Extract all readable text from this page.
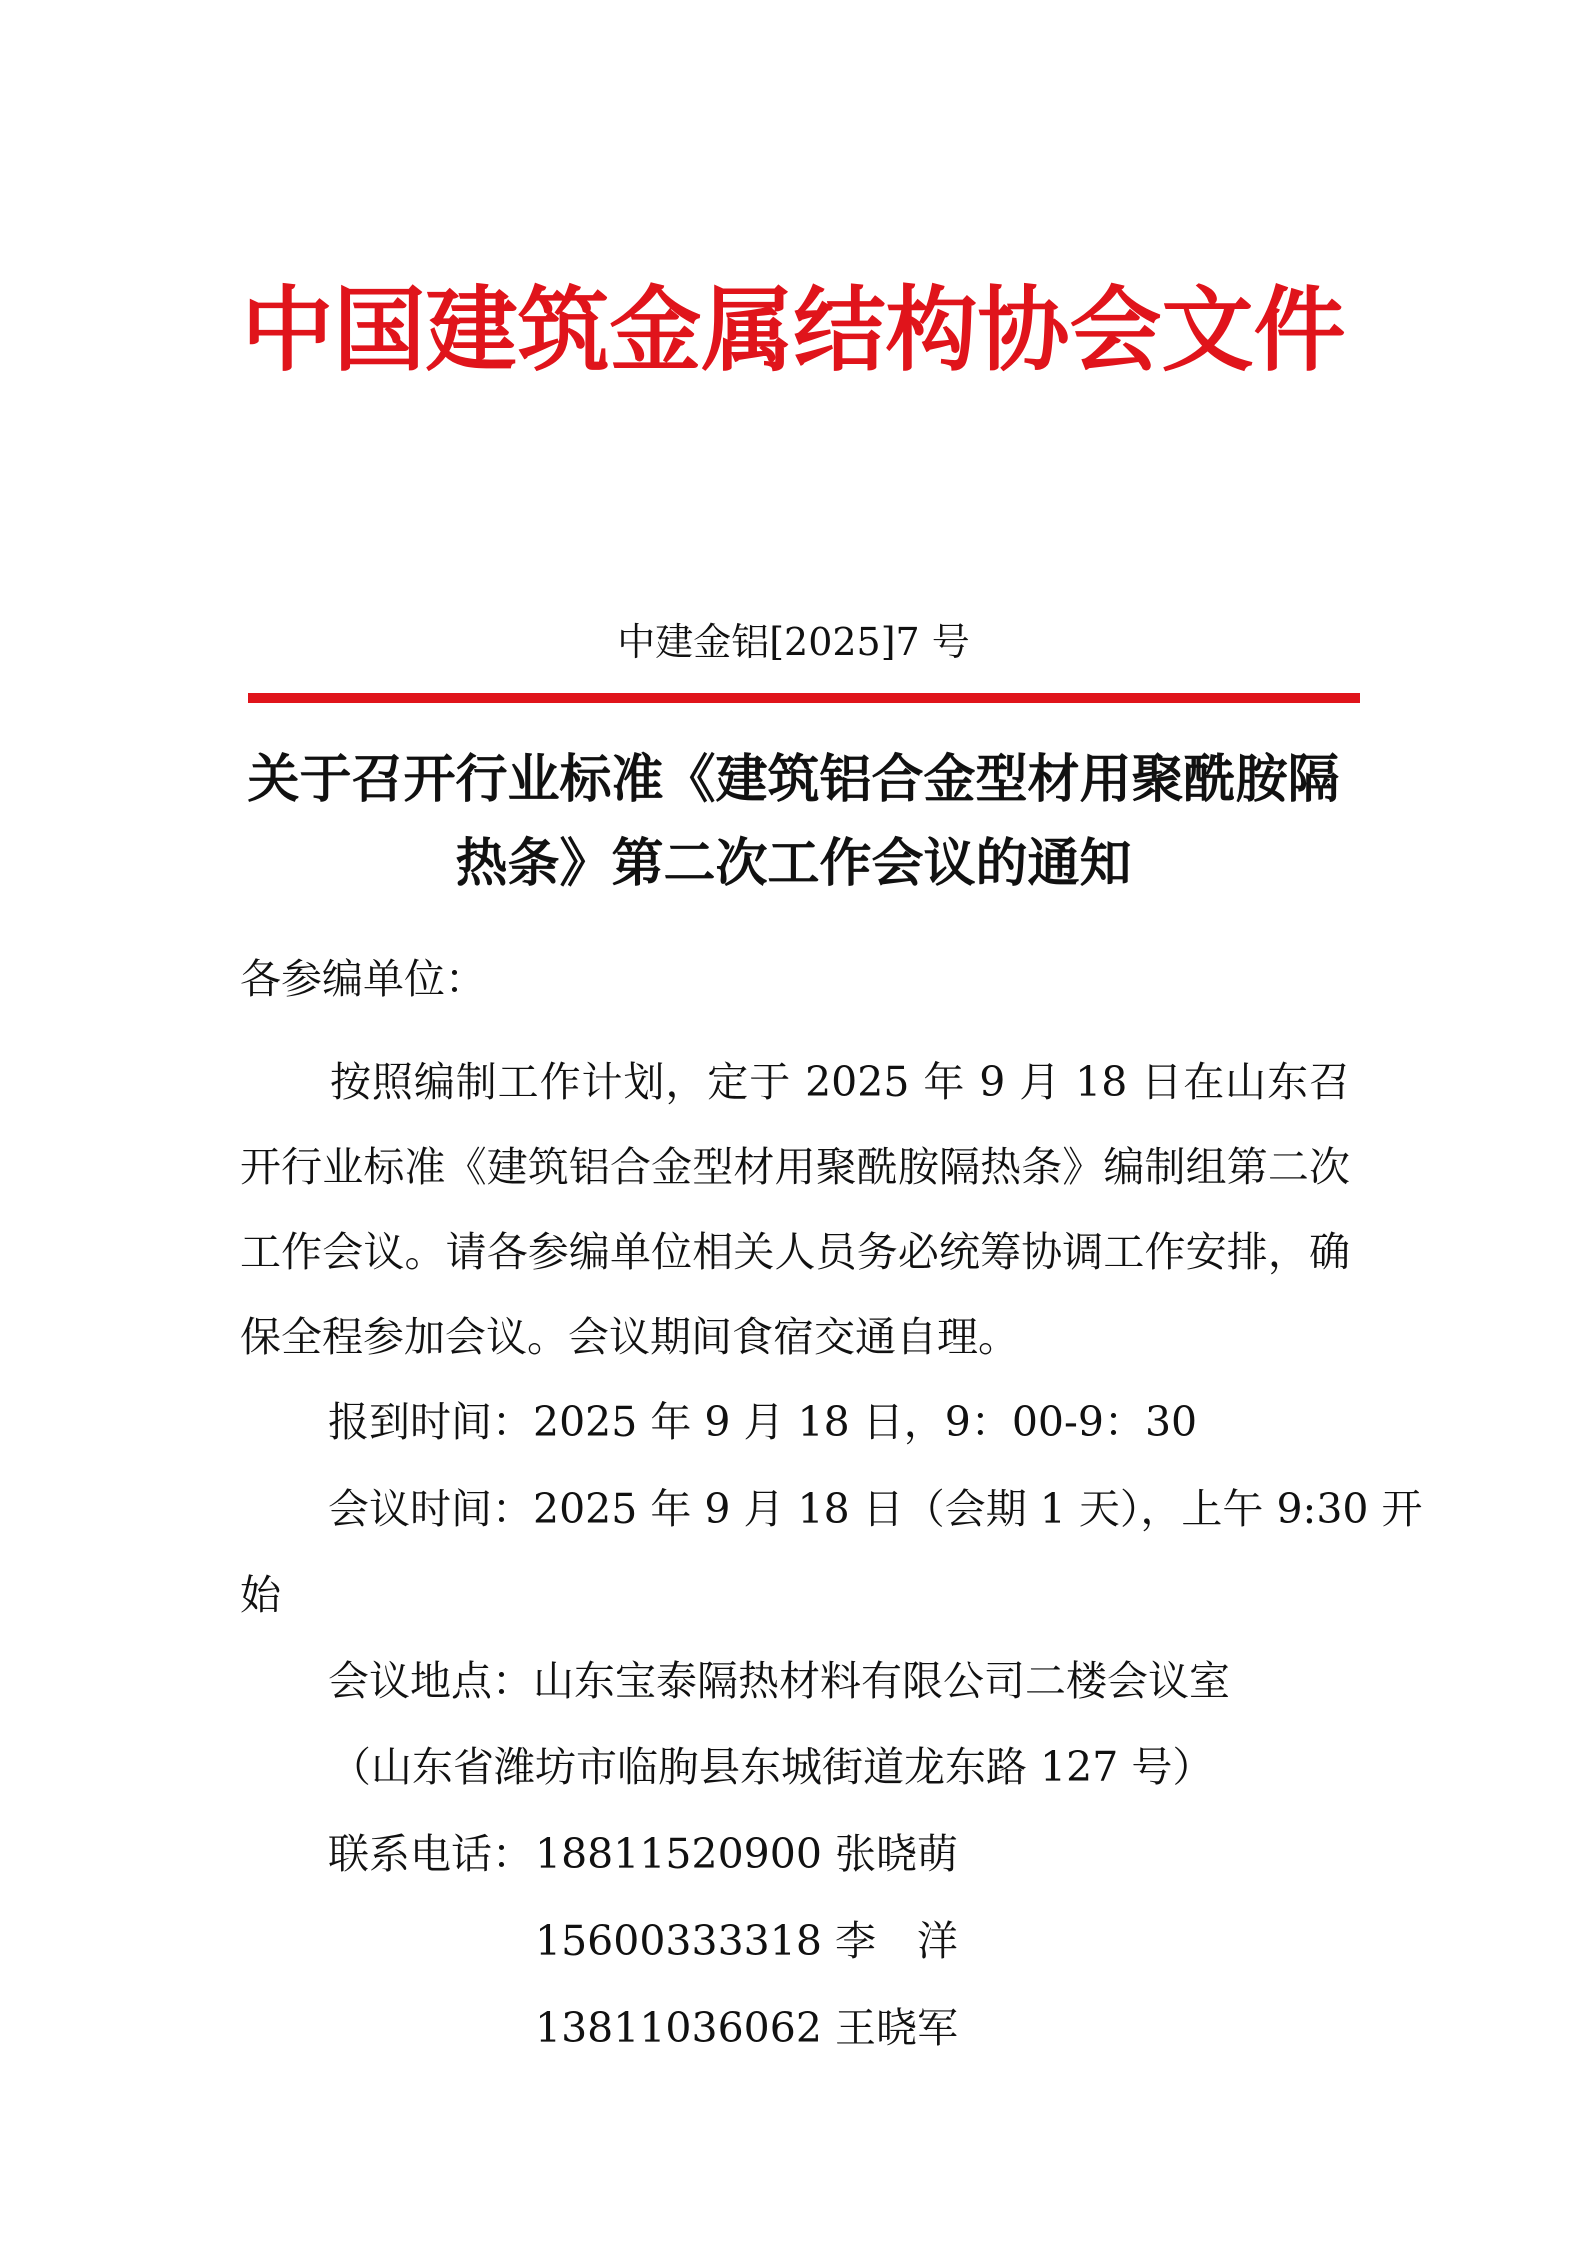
中国建筑金属结构协会文件
中建金铝[2025]7 号
关于召开行业标准《建筑铝合金型材用聚酰胺隔
热条》第二次工作会议的通知
各参编单位：
按照编制工作计划，定于 2025 年 9 月 18 日在山东召开行业标准《建筑铝合金型材用聚酰胺隔热条》编制组第二次工作会议。请各参编单位相关人员务必统筹协调工作安排，确保全程参加会议。会议期间食宿交通自理。
报到时间：2025 年 9 月 18 日，9：00-9：30
会议时间：2025 年 9 月 18 日（会期 1 天），上午 9:30 开
始
会议地点：山东宝泰隔热材料有限公司二楼会议室
（山东省潍坊市临朐县东城街道龙东路 127 号）
联系电话： 18811520900 张晓萌
15600333318 李　洋
13811036062 王晓军
